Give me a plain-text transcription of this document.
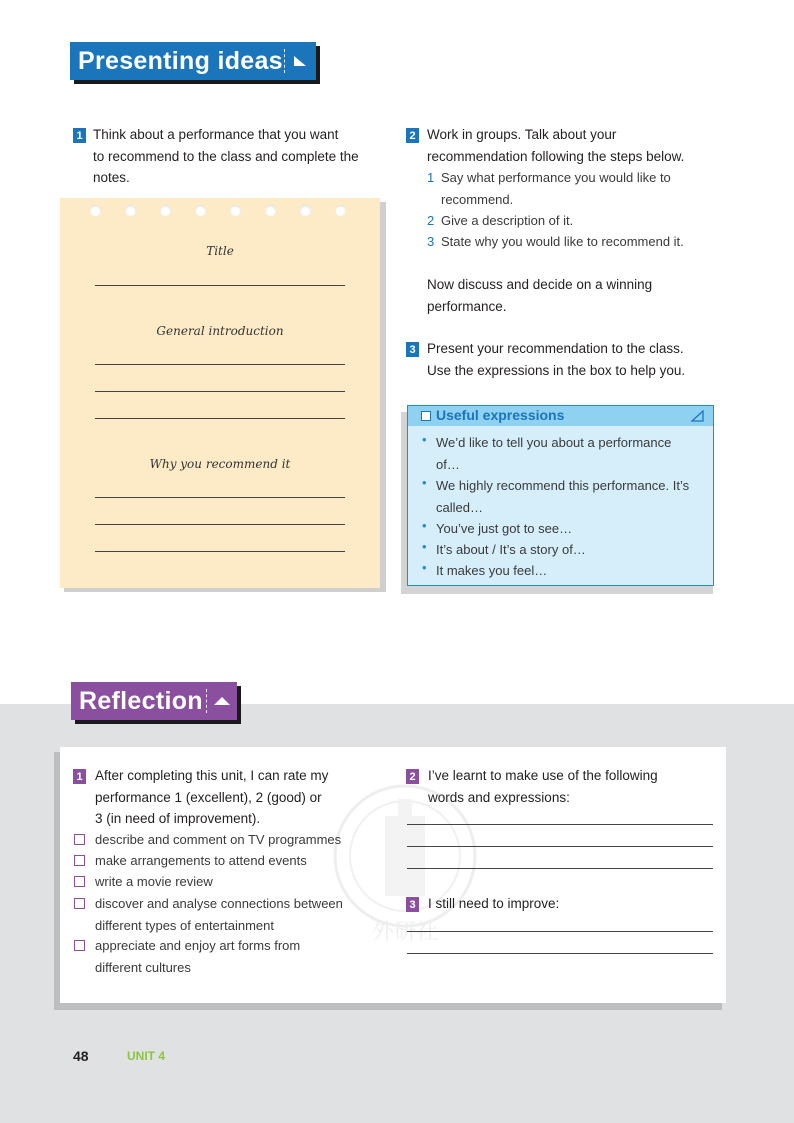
Presenting ideas
1 Think about a performance that you want
to recommend to the class and complete the
notes.
Title
General introduction
Why you recommend it
2 Work in groups. Talk about your
recommendation following the steps below.
1 Say what performance you would like to
recommend.
2 Give a description of it.
3 State why you would like to recommend it.
Now discuss and decide on a winning
performance.
3 Present your recommendation to the class.
Use the expressions in the box to help you.
Useful expressions
• We’d like to tell you about a performance
of…
• We highly recommend this performance. It’s
called…
• You’ve just got to see…
• It’s about / It’s a story of…
• It makes you feel…
Reflection
外研社
1 After completing this unit, I can rate my
performance 1 (excellent), 2 (good) or
3 (in need of improvement).
describe and comment on TV programmes
make arrangements to attend events
write a movie review
discover and analyse connections between
different types of entertainment
appreciate and enjoy art forms from
different cultures
2 I’ve learnt to make use of the following
words and expressions:
3 I still need to improve:
48	UNIT 4
